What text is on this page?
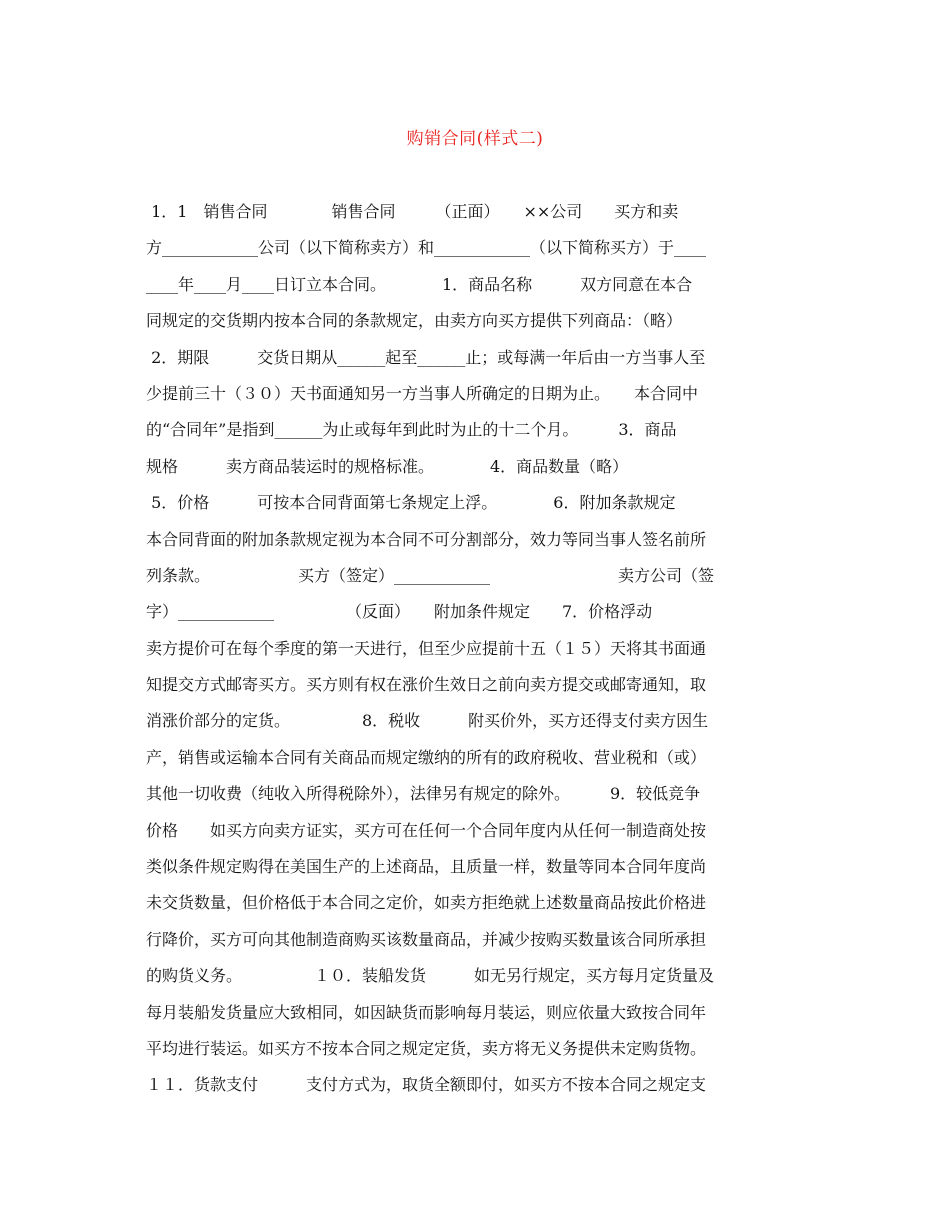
购销合同(样式二)
1．1　销售合同　　　　销售合同　　　（正面）　　××公司　　买方和卖
方____________公司（以下简称卖方）和____________（以下简称买方）于____
____年____月____日订立本合同。　　　　1．商品名称　　　双方同意在本合
同规定的交货期内按本合同的条款规定，由卖方向买方提供下列商品：（略）
2．期限　　　交货日期从______起至______止；或每满一年后由一方当事人至
少提前三十（３０）天书面通知另一方当事人所确定的日期为止。　　本合同中
的“合同年”是指到______为止或每年到此时为止的十二个月。　　　3．商品
规格　　　卖方商品装运时的规格标准。　　　　4．商品数量（略）
5．价格　　　可按本合同背面第七条规定上浮。　　　　6．附加条款规定
本合同背面的附加条款规定视为本合同不可分割部分，效力等同当事人签名前所
列条款。　　　　　　买方（签定）____________　　　　　　　　卖方公司（签
字）____________　　　　　（反面）　　附加条件规定　　7．价格浮动
卖方提价可在每个季度的第一天进行，但至少应提前十五（１５）天将其书面通
知提交方式邮寄买方。买方则有权在涨价生效日之前向卖方提交或邮寄通知，取
消涨价部分的定货。　　　　　8．税收　　　附买价外，买方还得支付卖方因生
产，销售或运输本合同有关商品而规定缴纳的所有的政府税收、营业税和（或）
其他一切收费（纯收入所得税除外），法律另有规定的除外。　　　9．较低竞争
价格　　如买方向卖方证实，买方可在任何一个合同年度内从任何一制造商处按
类似条件规定购得在美国生产的上述商品，且质量一样，数量等同本合同年度尚
未交货数量，但价格低于本合同之定价，如卖方拒绝就上述数量商品按此价格进
行降价，买方可向其他制造商购买该数量商品，并减少按购买数量该合同所承担
的购货义务。　　　　　１０．装船发货　　　如无另行规定，买方每月定货量及
每月装船发货量应大致相同，如因缺货而影响每月装运，则应依量大致按合同年
平均进行装运。如买方不按本合同之规定定货，卖方将无义务提供未定购货物。
１１．货款支付　　　支付方式为，取货全额即付，如买方不按本合同之规定支
